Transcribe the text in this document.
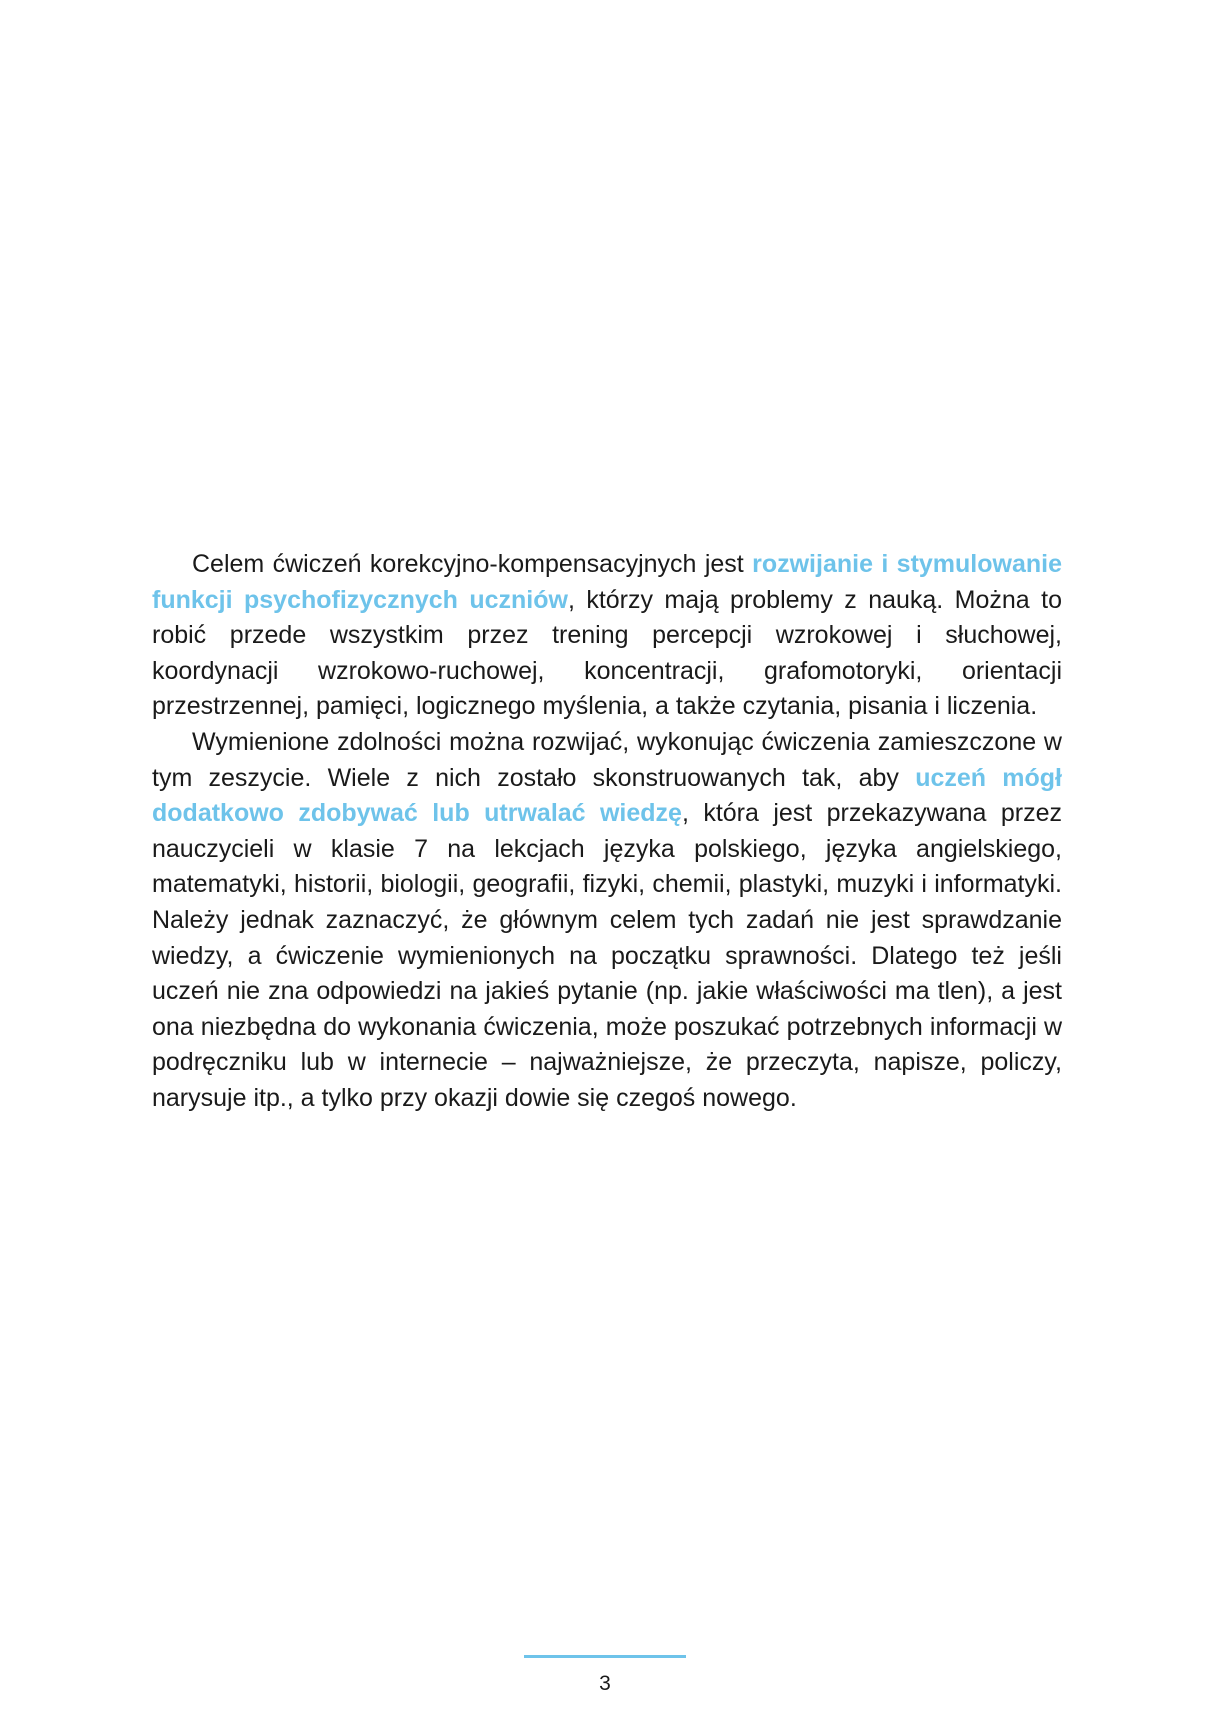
Celem ćwiczeń korekcyjno-kompensacyjnych jest rozwijanie i stymulowanie funkcji psychofizycznych uczniów, którzy mają problemy z nauką. Można to robić przede wszystkim przez trening percepcji wzrokowej i słuchowej, koordynacji wzrokowo-ruchowej, koncentracji, grafomotoryki, orientacji przestrzennej, pamięci, logicznego myślenia, a także czytania, pisania i liczenia.

Wymienione zdolności można rozwijać, wykonując ćwiczenia zamieszczone w tym zeszycie. Wiele z nich zostało skonstruowanych tak, aby uczeń mógł dodatkowo zdobywać lub utrwalać wiedzę, która jest przekazywana przez nauczycieli w klasie 7 na lekcjach języka polskiego, języka angielskiego, matematyki, historii, biologii, geografii, fizyki, chemii, plastyki, muzyki i informatyki. Należy jednak zaznaczyć, że głównym celem tych zadań nie jest sprawdzanie wiedzy, a ćwiczenie wymienionych na początku sprawności. Dlatego też jeśli uczeń nie zna odpowiedzi na jakieś pytanie (np. jakie właściwości ma tlen), a jest ona niezbędna do wykonania ćwiczenia, może poszukać potrzebnych informacji w podręczniku lub w internecie – najważniejsze, że przeczyta, napisze, policzy, narysuje itp., a tylko przy okazji dowie się czegoś nowego.

3
